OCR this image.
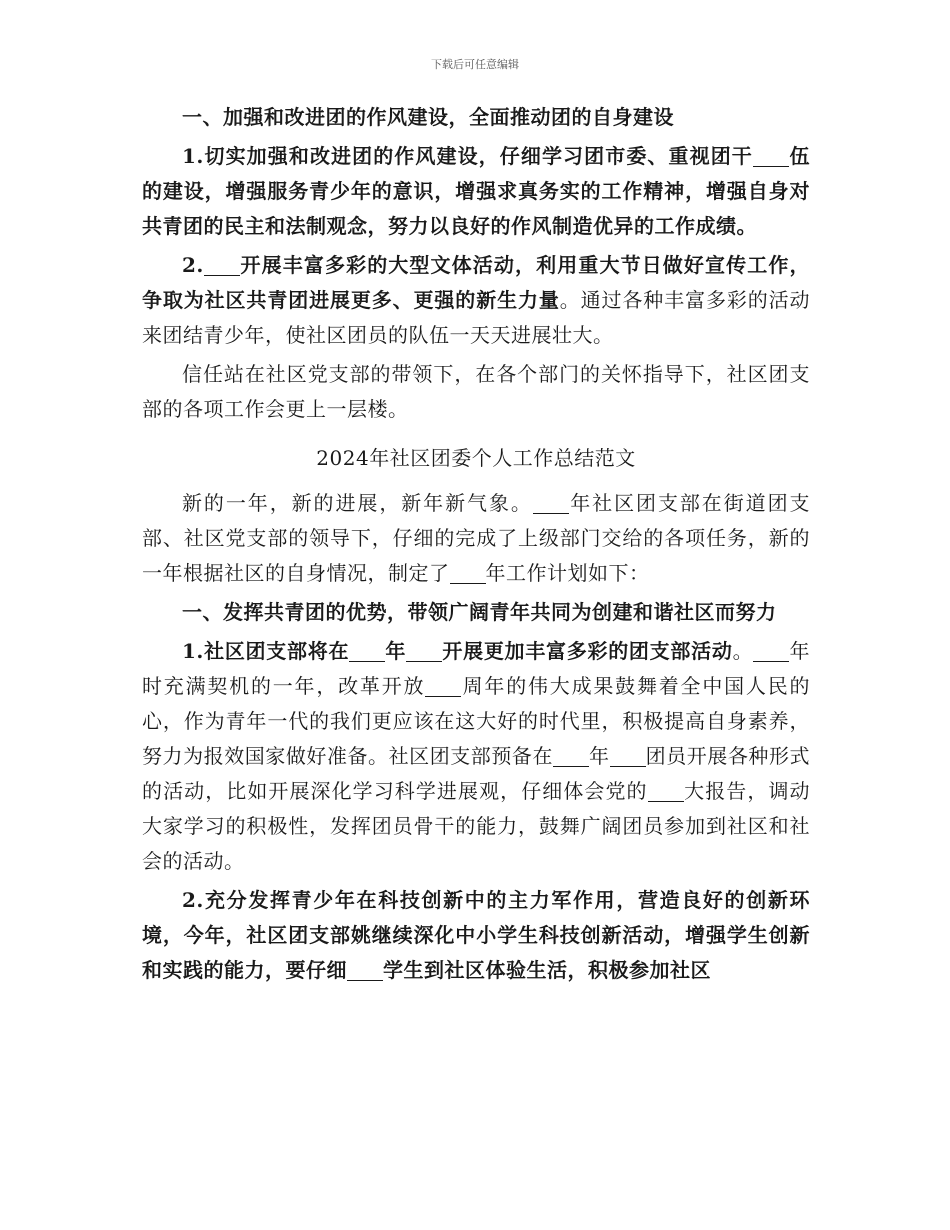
下载后可任意编辑

一、加强和改进团的作风建设，全面推动团的自身建设

1.切实加强和改进团的作风建设，仔细学习团市委、重视团干 伍的建设，增强服务青少年的意识，增强求真务实的工作精神，增强自身对共青团的民主和法制观念，努力以良好的作风制造优异的工作成绩。

2. 开展丰富多彩的大型文体活动，利用重大节日做好宣传工作，争取为社区共青团进展更多、更强的新生力量。通过各种丰富多彩的活动来团结青少年，使社区团员的队伍一天天进展壮大。

信任站在社区党支部的带领下，在各个部门的关怀指导下，社区团支部的各项工作会更上一层楼。

2024年社区团委个人工作总结范文

新的一年，新的进展，新年新气象。 年社区团支部在街道团支部、社区党支部的领导下，仔细的完成了上级部门交给的各项任务，新的一年根据社区的自身情况，制定了 年工作计划如下：

一、发挥共青团的优势，带领广阔青年共同为创建和谐社区而努力

1.社区团支部将在 年 开展更加丰富多彩的团支部活动。 年时充满契机的一年，改革开放 周年的伟大成果鼓舞着全中国人民的心，作为青年一代的我们更应该在这大好的时代里，积极提高自身素养，努力为报效国家做好准备。社区团支部预备在 年 团员开展各种形式的活动，比如开展深化学习科学进展观，仔细体会党的 大报告，调动大家学习的积极性，发挥团员骨干的能力，鼓舞广阔团员参加到社区和社会的活动。

2.充分发挥青少年在科技创新中的主力军作用，营造良好的创新环境，今年，社区团支部姚继续深化中小学生科技创新活动，增强学生创新和实践的能力，要仔细 学生到社区体验生活，积极参加社区
